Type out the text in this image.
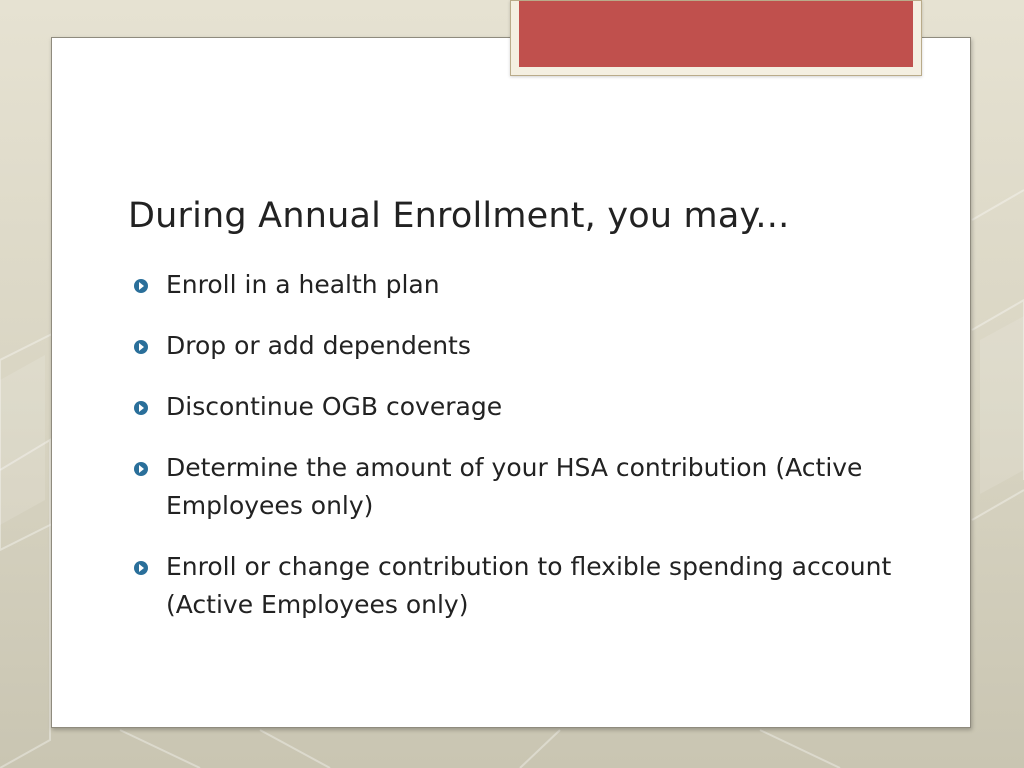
During Annual Enrollment, you may...
Enroll in a health plan
Drop or add dependents
Discontinue OGB coverage
Determine the amount of your HSA contribution (Active Employees only)
Enroll or change contribution to flexible spending account (Active Employees only)
